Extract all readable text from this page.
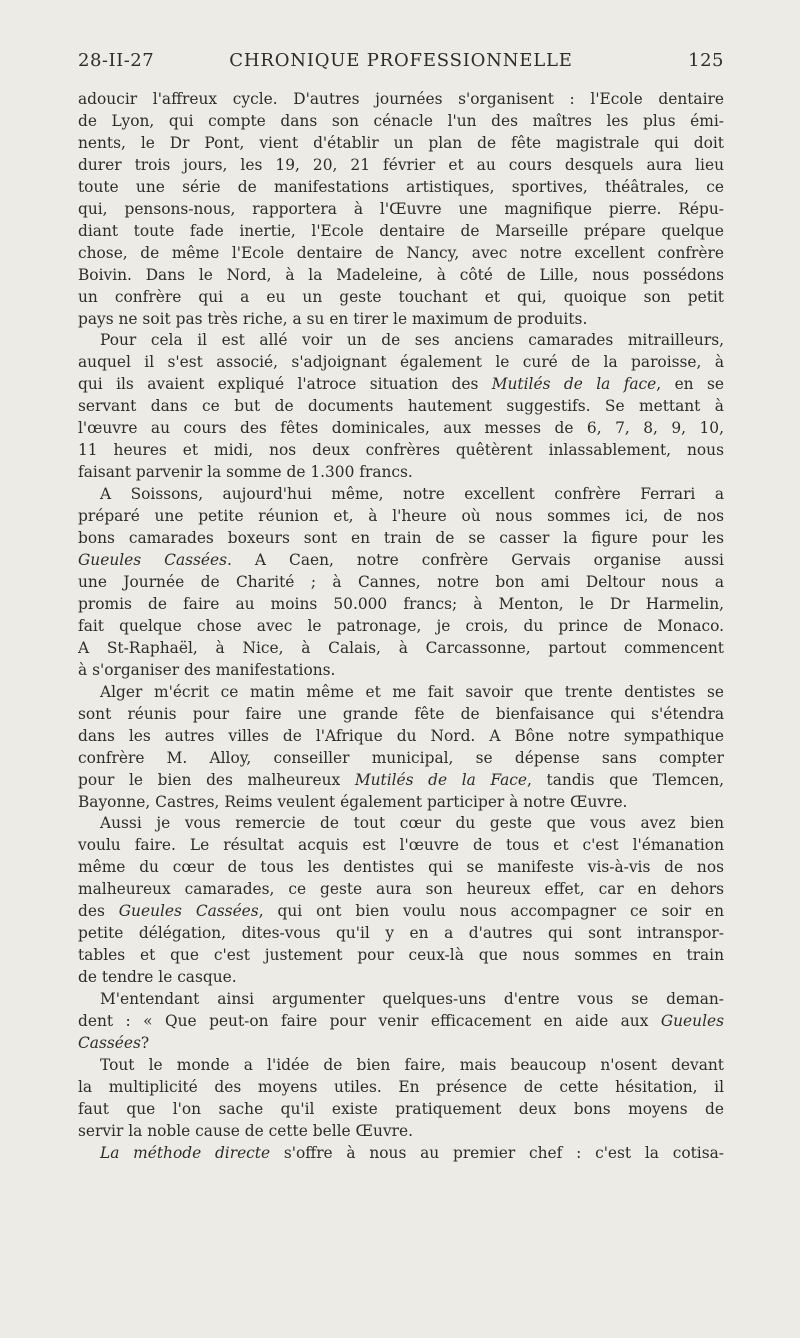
28-II-27	CHRONIQUE PROFESSIONNELLE	125
adoucir l'affreux cycle. D'autres journées s'organisent : l'Ecole dentaire
de Lyon, qui compte dans son cénacle l'un des maîtres les plus émi-
nents, le Dr Pont, vient d'établir un plan de fête magistrale qui doit
durer trois jours, les 19, 20, 21 février et au cours desquels aura lieu
toute une série de manifestations artistiques, sportives, théâtrales, ce
qui, pensons-nous, rapportera à l'Œuvre une magnifique pierre. Répu-
diant toute fade inertie, l'Ecole dentaire de Marseille prépare quelque
chose, de même l'Ecole dentaire de Nancy, avec notre excellent confrère
Boivin. Dans le Nord, à la Madeleine, à côté de Lille, nous possédons
un confrère qui a eu un geste touchant et qui, quoique son petit
pays ne soit pas très riche, a su en tirer le maximum de produits.
Pour cela il est allé voir un de ses anciens camarades mitrailleurs,
auquel il s'est associé, s'adjoignant également le curé de la paroisse, à
qui ils avaient expliqué l'atroce situation des Mutilés de la face, en se
servant dans ce but de documents hautement suggestifs. Se mettant à
l'œuvre au cours des fêtes dominicales, aux messes de 6, 7, 8, 9, 10,
11 heures et midi, nos deux confrères quêtèrent inlassablement, nous
faisant parvenir la somme de 1.300 francs.
A Soissons, aujourd'hui même, notre excellent confrère Ferrari a
préparé une petite réunion et, à l'heure où nous sommes ici, de nos
bons camarades boxeurs sont en train de se casser la figure pour les
Gueules Cassées. A Caen, notre confrère Gervais organise aussi
une Journée de Charité ; à Cannes, notre bon ami Deltour nous a
promis de faire au moins 50.000 francs; à Menton, le Dr Harmelin,
fait quelque chose avec le patronage, je crois, du prince de Monaco.
A St-Raphaël, à Nice, à Calais, à Carcassonne, partout commencent
à s'organiser des manifestations.
Alger m'écrit ce matin même et me fait savoir que trente dentistes se
sont réunis pour faire une grande fête de bienfaisance qui s'étendra
dans les autres villes de l'Afrique du Nord. A Bône notre sympathique
confrère M. Alloy, conseiller municipal, se dépense sans compter
pour le bien des malheureux Mutilés de la Face, tandis que Tlemcen,
Bayonne, Castres, Reims veulent également participer à notre Œuvre.
Aussi je vous remercie de tout cœur du geste que vous avez bien
voulu faire. Le résultat acquis est l'œuvre de tous et c'est l'émanation
même du cœur de tous les dentistes qui se manifeste vis-à-vis de nos
malheureux camarades, ce geste aura son heureux effet, car en dehors
des Gueules Cassées, qui ont bien voulu nous accompagner ce soir en
petite délégation, dites-vous qu'il y en a d'autres qui sont intranspor-
tables et que c'est justement pour ceux-là que nous sommes en train
de tendre le casque.
M'entendant ainsi argumenter quelques-uns d'entre vous se deman-
dent : « Que peut-on faire pour venir efficacement en aide aux Gueules
Cassées?
Tout le monde a l'idée de bien faire, mais beaucoup n'osent devant
la multiplicité des moyens utiles. En présence de cette hésitation, il
faut que l'on sache qu'il existe pratiquement deux bons moyens de
servir la noble cause de cette belle Œuvre.
La méthode directe s'offre à nous au premier chef : c'est la cotisa-
